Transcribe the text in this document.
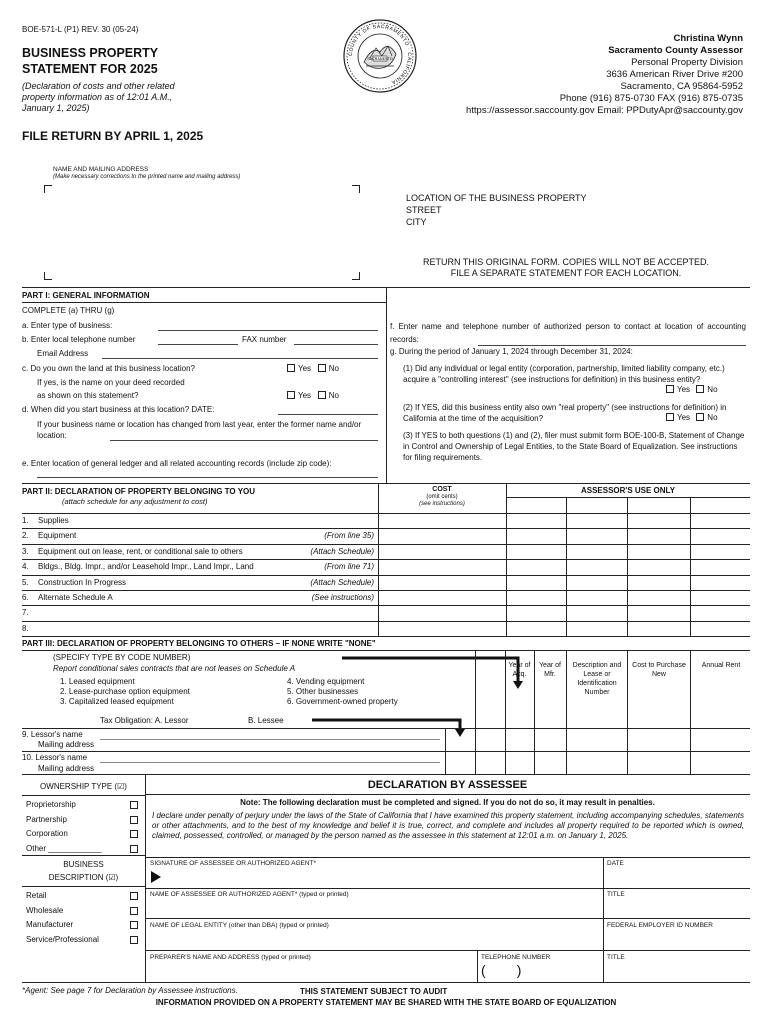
BOE-571-L (P1) REV. 30 (05-24)
BUSINESS PROPERTY
STATEMENT FOR 2025
(Declaration of costs and other related property information as of 12:01 A.M., January 1, 2025)
FILE RETURN BY APRIL 1, 2025
SACRAMENTO
COUNTY OF SACRAMENTO · CALIFORNIA
Christina Wynn
Sacramento County Assessor
Personal Property Division
3636 American River Drive #200
Sacramento, CA 95864-5952
Phone (916) 875-0730 FAX (916) 875-0735
https://assessor.saccounty.gov Email: PPDutyApr@saccounty.gov
NAME AND MAILING ADDRESS
(Make necessary corrections to the printed name and mailing address)
LOCATION OF THE BUSINESS PROPERTY
STREET
CITY
RETURN THIS ORIGINAL FORM. COPIES WILL NOT BE ACCEPTED.
FILE A SEPARATE STATEMENT FOR EACH LOCATION.
PART I: GENERAL INFORMATION
COMPLETE (a) THRU (g)
a. Enter type of business:
b. Enter local telephone number	FAX number
Email Address
c. Do you own the land at this business location?	Yes No
If yes, is the name on your deed recorded
as shown on this statement?	Yes No
d. When did you start business at this location? DATE:
If your business name or location has changed from last year, enter the former name and/or location:
e. Enter location of general ledger and all related accounting records (include zip code):
f. Enter name and telephone number of authorized person to contact at location of accounting records:
g. During the period of January 1, 2024 through December 31, 2024:
(1) Did any individual or legal entity (corporation, partnership, limited liability company, etc.) acquire a "controlling interest" (see instructions for definition) in this business entity?
Yes No
(2) If YES, did this business entity also own "real property" (see instructions for definition) in California at the time of the acquisition?	Yes No
(3) If YES to both questions (1) and (2), filer must submit form BOE-100-B, Statement of Change in Control and Ownership of Legal Entities, to the State Board of Equalization. See instructions for filing requirements.
PART II: DECLARATION OF PROPERTY BELONGING TO YOU
(attach schedule for any adjustment to cost)
COST
(omit cents)
(see instructions)
ASSESSOR'S USE ONLY
1. Supplies
2. Equipment	(From line 35)
3. Equipment out on lease, rent, or conditional sale to others	(Attach Schedule)
4. Bldgs., Bldg. Impr., and/or Leasehold Impr., Land Impr., Land	(From line 71)
5. Construction In Progress	(Attach Schedule)
6. Alternate Schedule A	(See instructions)
7.
8.
PART III: DECLARATION OF PROPERTY BELONGING TO OTHERS – IF NONE WRITE "NONE"
(SPECIFY TYPE BY CODE NUMBER)
Report conditional sales contracts that are not leases on Schedule A
1. Leased equipment
2. Lease-purchase option equipment
3. Capitalized leased equipment
4. Vending equipment
5. Other businesses
6. Government-owned property
Tax Obligation: A. Lessor	B. Lessee
Year of Acq.
Year of Mfr.
Description and Lease or Identification Number
Cost to Purchase New
Annual Rent
9. Lessor's name
Mailing address
10. Lessor's name
Mailing address
OWNERSHIP TYPE (☑)
Proprietorship
Partnership
Corporation
Other ____________
BUSINESS
DESCRIPTION (☑)
Retail
Wholesale
Manufacturer
Service/Professional
DECLARATION BY ASSESSEE
Note: The following declaration must be completed and signed. If you do not do so, it may result in penalties.
I declare under penalty of perjury under the laws of the State of California that I have examined this property statement, including accompanying schedules, statements or other attachments, and to the best of my knowledge and belief it is true, correct, and complete and includes all property required to be reported which is owned, claimed, possessed, controlled, or managed by the person named as the assessee in this statement at 12:01 a.m. on January 1, 2025.
SIGNATURE OF ASSESSEE OR AUTHORIZED AGENT*	DATE
NAME OF ASSESSEE OR AUTHORIZED AGENT* (typed or printed)	TITLE
NAME OF LEGAL ENTITY (other than DBA) (typed or printed)	FEDERAL EMPLOYER ID NUMBER
PREPARER'S NAME AND ADDRESS (typed or printed)	TELEPHONE NUMBER
(        )
TITLE
*Agent: See page 7 for Declaration by Assessee instructions.	THIS STATEMENT SUBJECT TO AUDIT
INFORMATION PROVIDED ON A PROPERTY STATEMENT MAY BE SHARED WITH THE STATE BOARD OF EQUALIZATION
